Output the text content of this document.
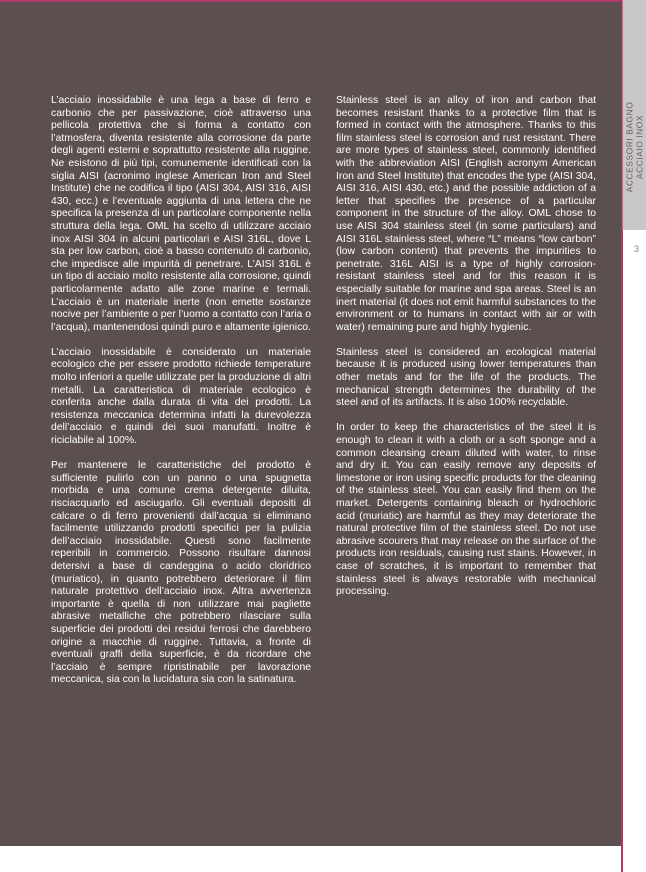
ACCESSORI BAGNO ACCIAIO INOX
3

L’acciaio inossidabile è una lega a base di ferro e carbonio che per passivazione, cioè attraverso una pellicola protettiva che si forma a contatto con l’atmosfera, diventa resistente alla corrosione da parte degli agenti esterni e soprattutto resistente alla ruggine. Ne esistono di più tipi, comunemente identificati con la siglia AISI (acronimo inglese American Iron and Steel Institute) che ne codifica il tipo (AISI 304, AISI 316, AISI 430, ecc.) e l’eventuale aggiunta di una lettera che ne specifica la presenza di un particolare componente nella struttura della lega. OML ha scelto di utilizzare acciaio inox AISI 304 in alcuni particolari e AISI 316L, dove L sta per low carbon, cioè a basso contenuto di carbonio, che impedisce alle impurità di penetrare. L’AISI 316L è un tipo di acciaio molto resistente alla corrosione, quindi particolarmente adatto alle zone marine e termali. L’acciaio è un materiale inerte (non emette sostanze nocive per l’ambiente o per l’uomo a contatto con l’aria o l’acqua), mantenendosi quindi puro e altamente igienico.

L’acciaio inossidabile è considerato un materiale ecologico che per essere prodotto richiede temperature molto inferiori a quelle utilizzate per la produzione di altri metalli. La caratteristica di materiale ecologico è conferita anche dalla durata di vita dei prodotti. La resistenza meccanica determina infatti la durevolezza dell’acciaio e quindi dei suoi manufatti. Inoltre è riciclabile al 100%.

Per mantenere le caratteristiche del prodotto è sufficiente pulirlo con un panno o una spugnetta morbida e una comune crema detergente diluita, risciacquarlo ed asciugarlo. Gli eventuali depositi di calcare o di ferro provenienti dall’acqua si eliminano facilmente utilizzando prodotti specifici per la pulizia dell’acciaio inossidabile. Questi sono facilmente reperibili in commercio. Possono risultare dannosi detersivi a base di candeggina o acido cloridrico (muriatico), in quanto potrebbero deteriorare il film naturale protettivo dell’acciaio inox. Altra avvertenza importante è quella di non utilizzare mai pagliette abrasive metalliche che potrebbero rilasciare sulla superficie dei prodotti dei residui ferrosi che darebbero origine a macchie di ruggine. Tuttavia, a fronte di eventuali graffi della superficie, è da ricordare che l’acciaio è sempre ripristinabile per lavorazione meccanica, sia con la lucidatura sia con la satinatura.

Stainless steel is an alloy of iron and carbon that becomes resistant thanks to a protective film that is formed in contact with the atmosphere. Thanks to this film stainless steel is corrosion and rust resistant. There are more types of stainless steel, commonly identified with the abbreviation AISI (English acronym American Iron and Steel Institute) that encodes the type (AISI 304, AISI 316, AISI 430, etc.) and the possible addiction of a letter that specifies the presence of a particular component in the structure of the alloy. OML chose to use AISI 304 stainless steel (in some particulars) and AISI 316L stainless steel, where “L” means “low carbon” (low carbon content) that prevents the impurities to penetrate. 316L AISI is a type of highly corrosion-resistant stainless steel and for this reason it is especially suitable for marine and spa areas. Steel is an inert material (it does not emit harmful substances to the environment or to humans in contact with air or with water) remaining pure and highly hygienic.

Stainless steel is considered an ecological material because it is produced using lower temperatures than other metals and for the life of the products. The mechanical strength determines the durability of the steel and of its artifacts. It is also 100% recyclable.

In order to keep the characteristics of the steel it is enough to clean it with a cloth or a soft sponge and a common cleansing cream diluted with water, to rinse and dry it. You can easily remove any deposits of limestone or iron using specific products for the cleaning of the stainless steel. You can easily find them on the market. Detergents containing bleach or hydrochloric acid (muriatic) are harmful as they may deteriorate the natural protective film of the stainless steel. Do not use abrasive scourers that may release on the surface of the products iron residuals, causing rust stains. However, in case of scratches, it is important to remember that stainless steel is always restorable with mechanical processing.
